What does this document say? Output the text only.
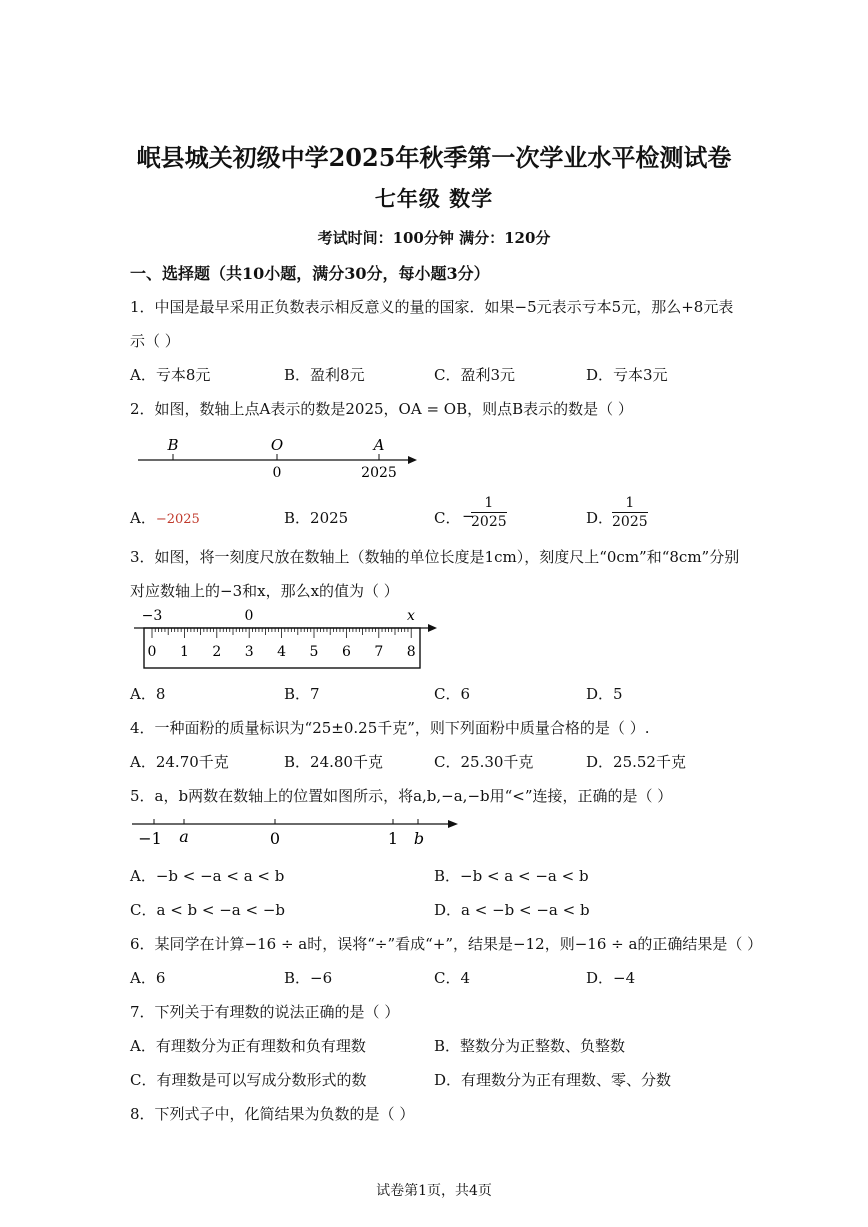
岷县城关初级中学2025年秋季第一次学业水平检测试卷
七年级 数学
考试时间：100分钟 满分：120分
一、选择题（共10小题，满分30分，每小题3分）
1．中国是最早采用正负数表示相反意义的量的国家．如果−5元表示亏本5元，那么+8元表
示（ ）
A．亏本8元	B．盈利8元	C．盈利3元	D．亏本3元
2．如图，数轴上点A表示的数是2025，OA = OB，则点B表示的数是（ ）
B	O	A
0	2025
A．−2025	B．2025	C． −
$\frac{1}{2025}$	D．
$\frac{1}{2025}$
3．如图，将一刻度尺放在数轴上（数轴的单位长度是1cm），刻度尺上“0cm”和“8cm”分别
对应数轴上的−3和x，那么x的值为（ ）
−3	0	x
0 1 2 3 4 5 6 7 8
A．8	B．7	C．6	D．5
4．一种面粉的质量标识为“25±0.25千克”，则下列面粉中质量合格的是（ ）.
A．24.70千克	B．24.80千克	C．25.30千克	D．25.52千克
5．a，b两数在数轴上的位置如图所示，将a,b,−a,−b用“<”连接，正确的是（ ）
−1 a	0	1 b
A．−b < −a < a < b	B．−b < a < −a < b
C．a < b < −a < −b	D．a < −b < −a < b
6．某同学在计算−16 ÷ a时，误将“÷”看成“+”，结果是−12，则−16 ÷ a的正确结果是（ ）
A．6	B．−6	C．4	D．−4
7．下列关于有理数的说法正确的是（ ）
A．有理数分为正有理数和负有理数	B．整数分为正整数、负整数
C．有理数是可以写成分数形式的数	D．有理数分为正有理数、零、分数
8．下列式子中，化简结果为负数的是（ ）
试卷第1页，共4页
